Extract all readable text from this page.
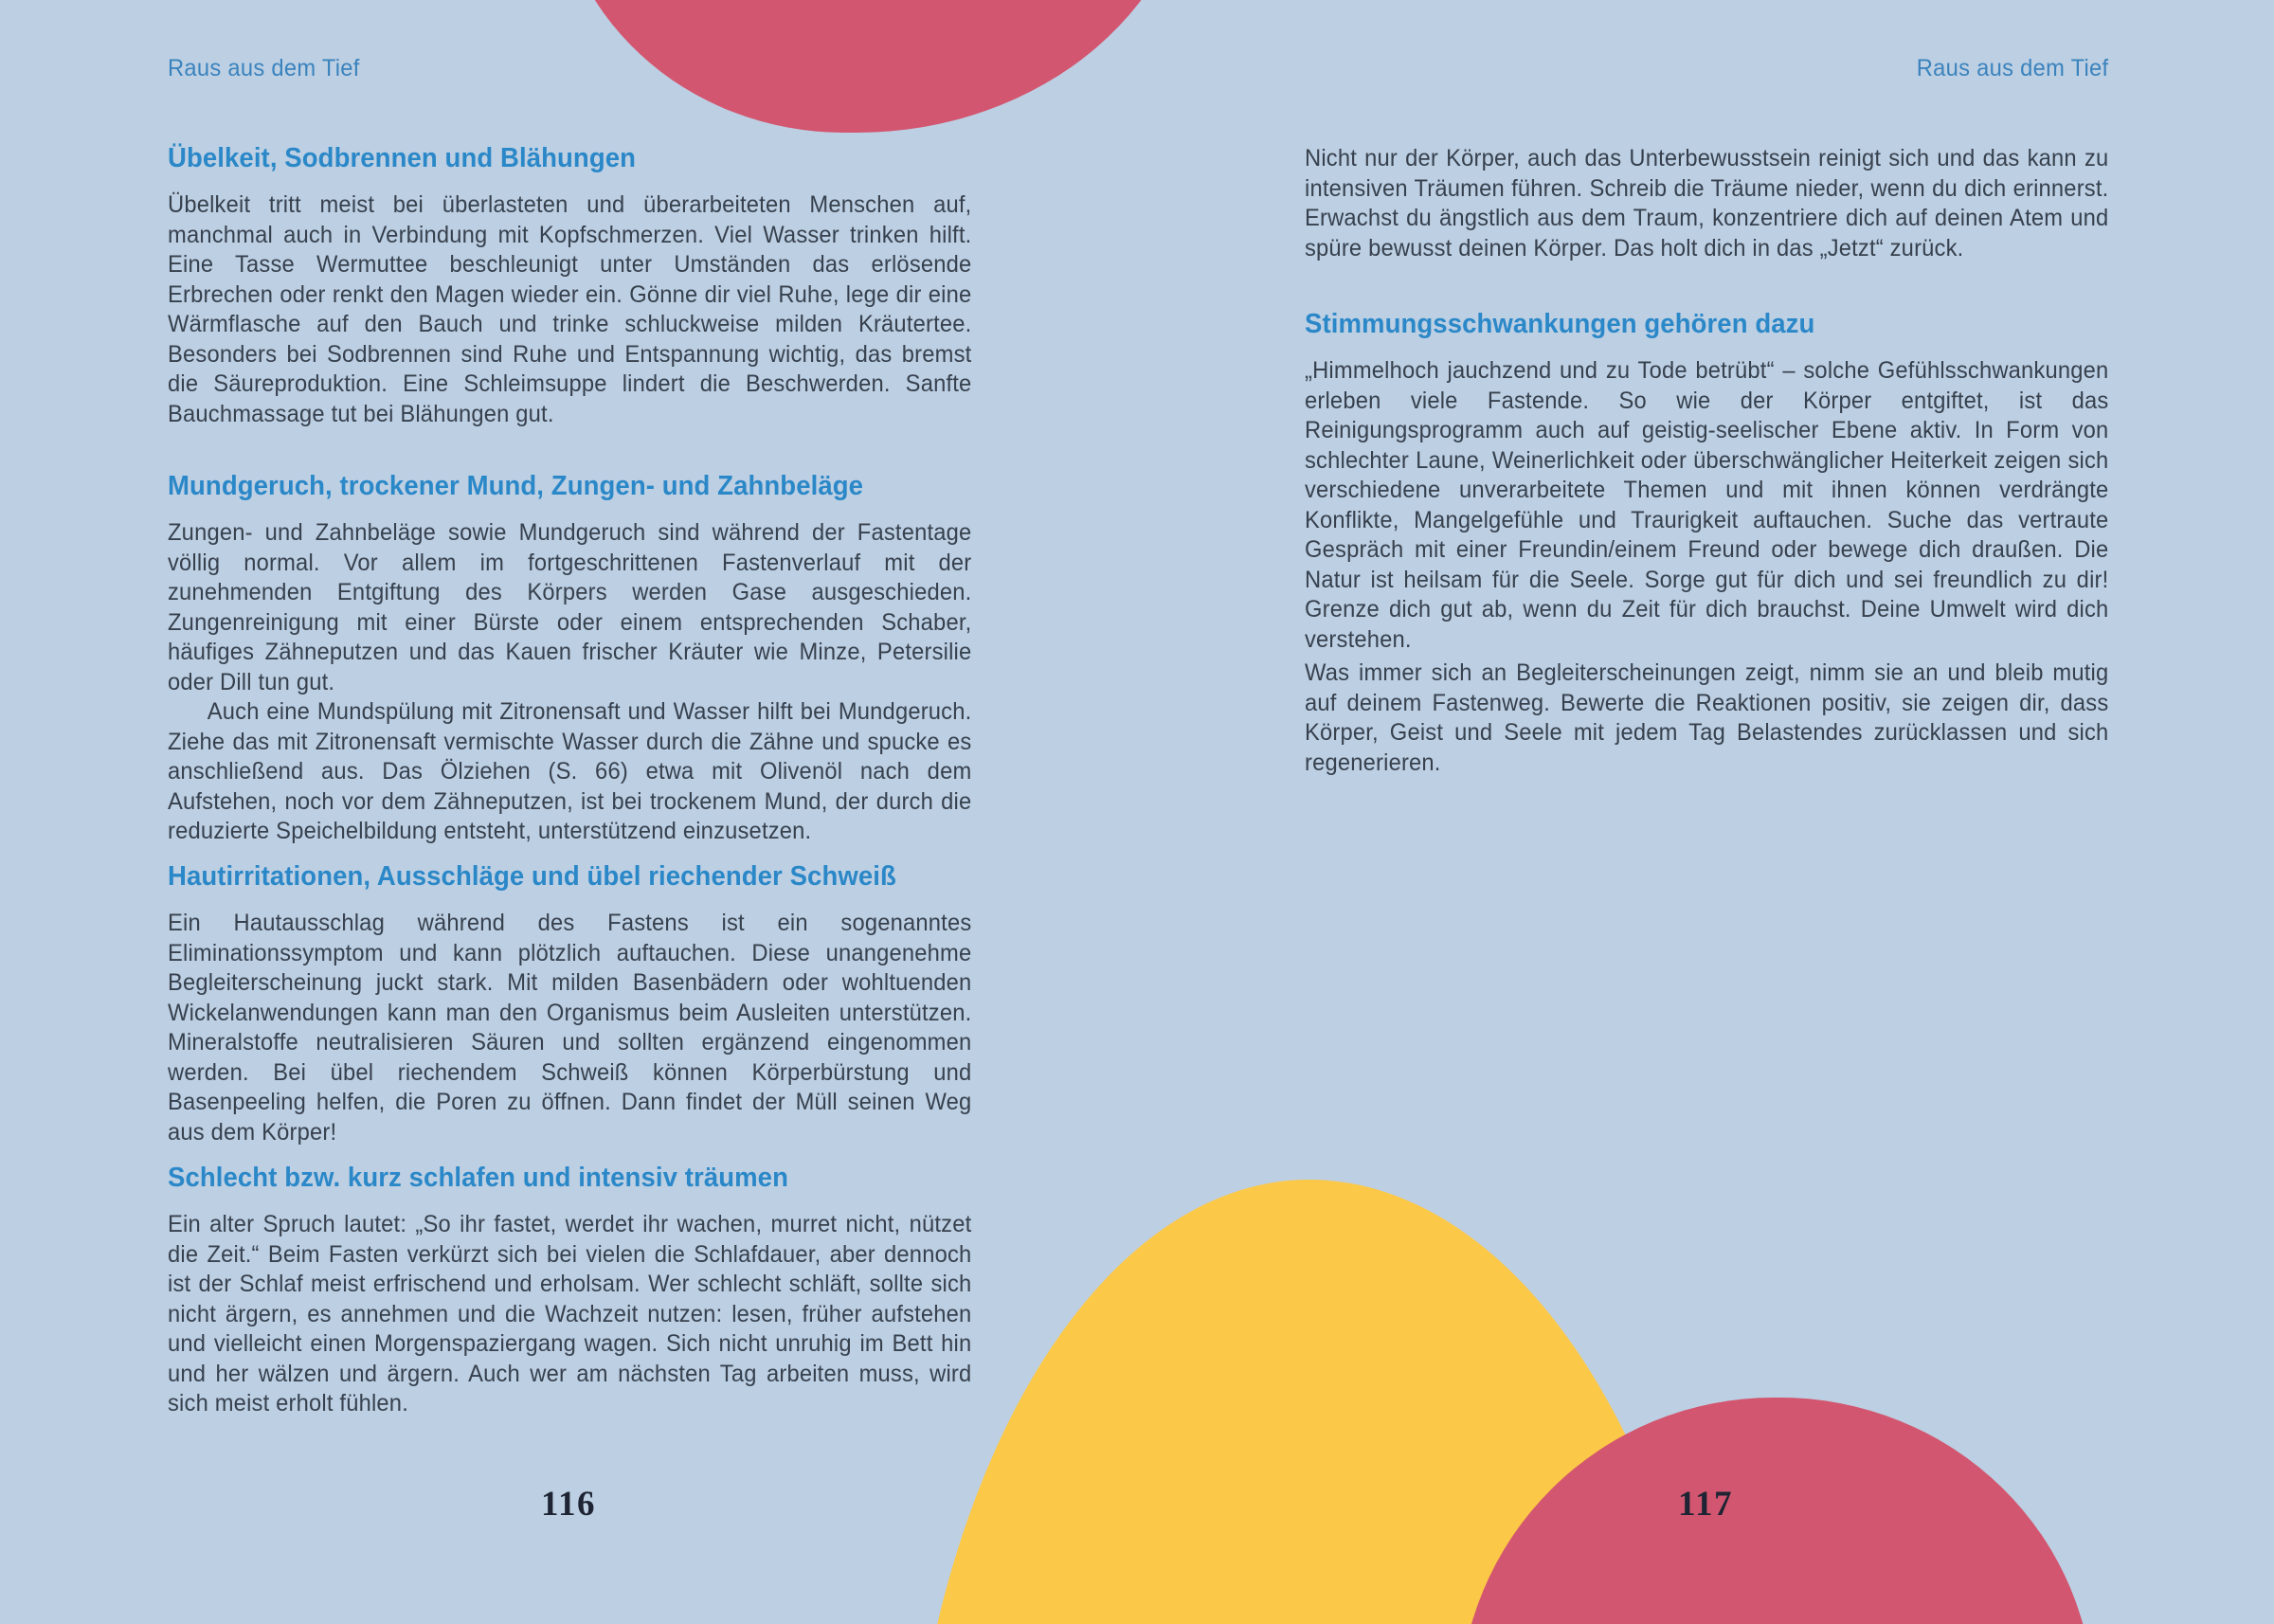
Raus aus dem Tief
Übelkeit, Sodbrennen und Blähungen

Übelkeit tritt meist bei überlasteten und überarbeiteten Menschen auf, manchmal auch in Verbindung mit Kopfschmerzen. Viel Wasser trinken hilft. Eine Tasse Wermuttee beschleunigt unter Umständen das erlösende Erbrechen oder renkt den Magen wieder ein. Gönne dir viel Ruhe, lege dir eine Wärmflasche auf den Bauch und trinke schluckweise milden Kräutertee. Besonders bei Sodbrennen sind Ruhe und Entspannung wichtig, das bremst die Säureproduktion. Eine Schleimsuppe lindert die Beschwerden. Sanfte Bauchmassage tut bei Blähungen gut.

Mundgeruch, trockener Mund, Zungen- und Zahnbeläge

Zungen- und Zahnbeläge sowie Mundgeruch sind während der Fastentage völlig normal. Vor allem im fortgeschrittenen Fastenverlauf mit der zunehmenden Entgiftung des Körpers werden Gase ausgeschieden. Zungenreinigung mit einer Bürste oder einem entsprechenden Schaber, häufiges Zähneputzen und das Kauen frischer Kräuter wie Minze, Petersilie oder Dill tun gut.

Auch eine Mundspülung mit Zitronensaft und Wasser hilft bei Mundgeruch. Ziehe das mit Zitronensaft vermischte Wasser durch die Zähne und spucke es anschließend aus. Das Ölziehen (S. 66) etwa mit Olivenöl nach dem Aufstehen, noch vor dem Zähneputzen, ist bei trockenem Mund, der durch die reduzierte Speichelbildung entsteht, unterstützend einzusetzen.

Hautirritationen, Ausschläge und übel riechender Schweiß

Ein Hautausschlag während des Fastens ist ein sogenanntes Eliminationssymptom und kann plötzlich auftauchen. Diese unangenehme Begleiterscheinung juckt stark. Mit milden Basenbädern oder wohltuenden Wickelanwendungen kann man den Organismus beim Ausleiten unterstützen. Mineralstoffe neutralisieren Säuren und sollten ergänzend eingenommen werden. Bei übel riechendem Schweiß können Körperbürstung und Basenpeeling helfen, die Poren zu öffnen. Dann findet der Müll seinen Weg aus dem Körper!

Schlecht bzw. kurz schlafen und intensiv träumen

Ein alter Spruch lautet: „So ihr fastet, werdet ihr wachen, murret nicht, nützet die Zeit.“ Beim Fasten verkürzt sich bei vielen die Schlafdauer, aber dennoch ist der Schlaf meist erfrischend und erholsam. Wer schlecht schläft, sollte sich nicht ärgern, es annehmen und die Wachzeit nutzen: lesen, früher aufstehen und vielleicht einen Morgenspaziergang wagen. Sich nicht unruhig im Bett hin und her wälzen und ärgern. Auch wer am nächsten Tag arbeiten muss, wird sich meist erholt fühlen.

116
Raus aus dem Tief

Nicht nur der Körper, auch das Unterbewusstsein reinigt sich und das kann zu intensiven Träumen führen. Schreib die Träume nieder, wenn du dich erinnerst. Erwachst du ängstlich aus dem Traum, konzentriere dich auf deinen Atem und spüre bewusst deinen Körper. Das holt dich in das „Jetzt“ zurück.

Stimmungsschwankungen gehören dazu

„Himmelhoch jauchzend und zu Tode betrübt“ – solche Gefühlsschwankungen erleben viele Fastende. So wie der Körper entgiftet, ist das Reinigungsprogramm auch auf geistig-seelischer Ebene aktiv. In Form von schlechter Laune, Weinerlichkeit oder überschwänglicher Heiterkeit zeigen sich verschiedene unverarbeitete Themen und mit ihnen können verdrängte Konflikte, Mangelgefühle und Traurigkeit auftauchen. Suche das vertraute Gespräch mit einer Freundin/einem Freund oder bewege dich draußen. Die Natur ist heilsam für die Seele. Sorge gut für dich und sei freundlich zu dir! Grenze dich gut ab, wenn du Zeit für dich brauchst. Deine Umwelt wird dich verstehen.

Was immer sich an Begleiterscheinungen zeigt, nimm sie an und bleib mutig auf deinem Fastenweg. Bewerte die Reaktionen positiv, sie zeigen dir, dass Körper, Geist und Seele mit jedem Tag Belastendes zurücklassen und sich regenerieren.

117
